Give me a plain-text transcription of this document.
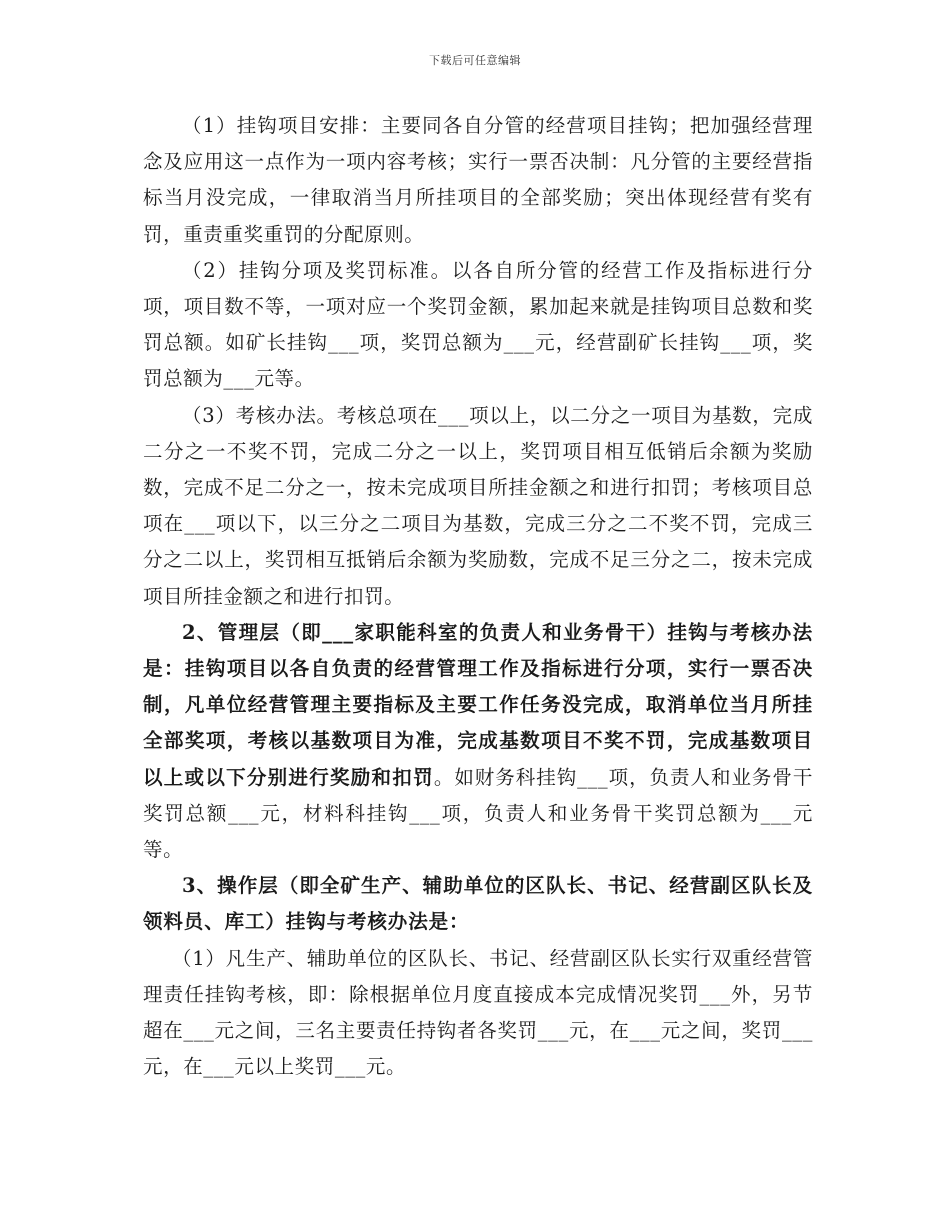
下载后可任意编辑

（1）挂钩项目安排：主要同各自分管的经营项目挂钩；把加强经营理念及应用这一点作为一项内容考核；实行一票否决制：凡分管的主要经营指标当月没完成，一律取消当月所挂项目的全部奖励；突出体现经营有奖有罚，重责重奖重罚的分配原则。

（2）挂钩分项及奖罚标准。以各自所分管的经营工作及指标进行分项，项目数不等，一项对应一个奖罚金额，累加起来就是挂钩项目总数和奖罚总额。如矿长挂钩___项，奖罚总额为___元，经营副矿长挂钩___项，奖罚总额为___元等。

（3）考核办法。考核总项在___项以上，以二分之一项目为基数，完成二分之一不奖不罚，完成二分之一以上，奖罚项目相互低销后余额为奖励数，完成不足二分之一，按未完成项目所挂金额之和进行扣罚；考核项目总项在___项以下，以三分之二项目为基数，完成三分之二不奖不罚，完成三分之二以上，奖罚相互抵销后余额为奖励数，完成不足三分之二，按未完成项目所挂金额之和进行扣罚。

2、管理层（即___家职能科室的负责人和业务骨干）挂钩与考核办法是：挂钩项目以各自负责的经营管理工作及指标进行分项，实行一票否决制，凡单位经营管理主要指标及主要工作任务没完成，取消单位当月所挂全部奖项，考核以基数项目为准，完成基数项目不奖不罚，完成基数项目以上或以下分别进行奖励和扣罚。如财务科挂钩___项，负责人和业务骨干奖罚总额___元，材料科挂钩___项，负责人和业务骨干奖罚总额为___元等。

3、操作层（即全矿生产、辅助单位的区队长、书记、经营副区队长及领料员、库工）挂钩与考核办法是：

（1）凡生产、辅助单位的区队长、书记、经营副区队长实行双重经营管理责任挂钩考核，即：除根据单位月度直接成本完成情况奖罚___外，另节超在___元之间，三名主要责任持钩者各奖罚___元，在___元之间，奖罚___元，在___元以上奖罚___元。
